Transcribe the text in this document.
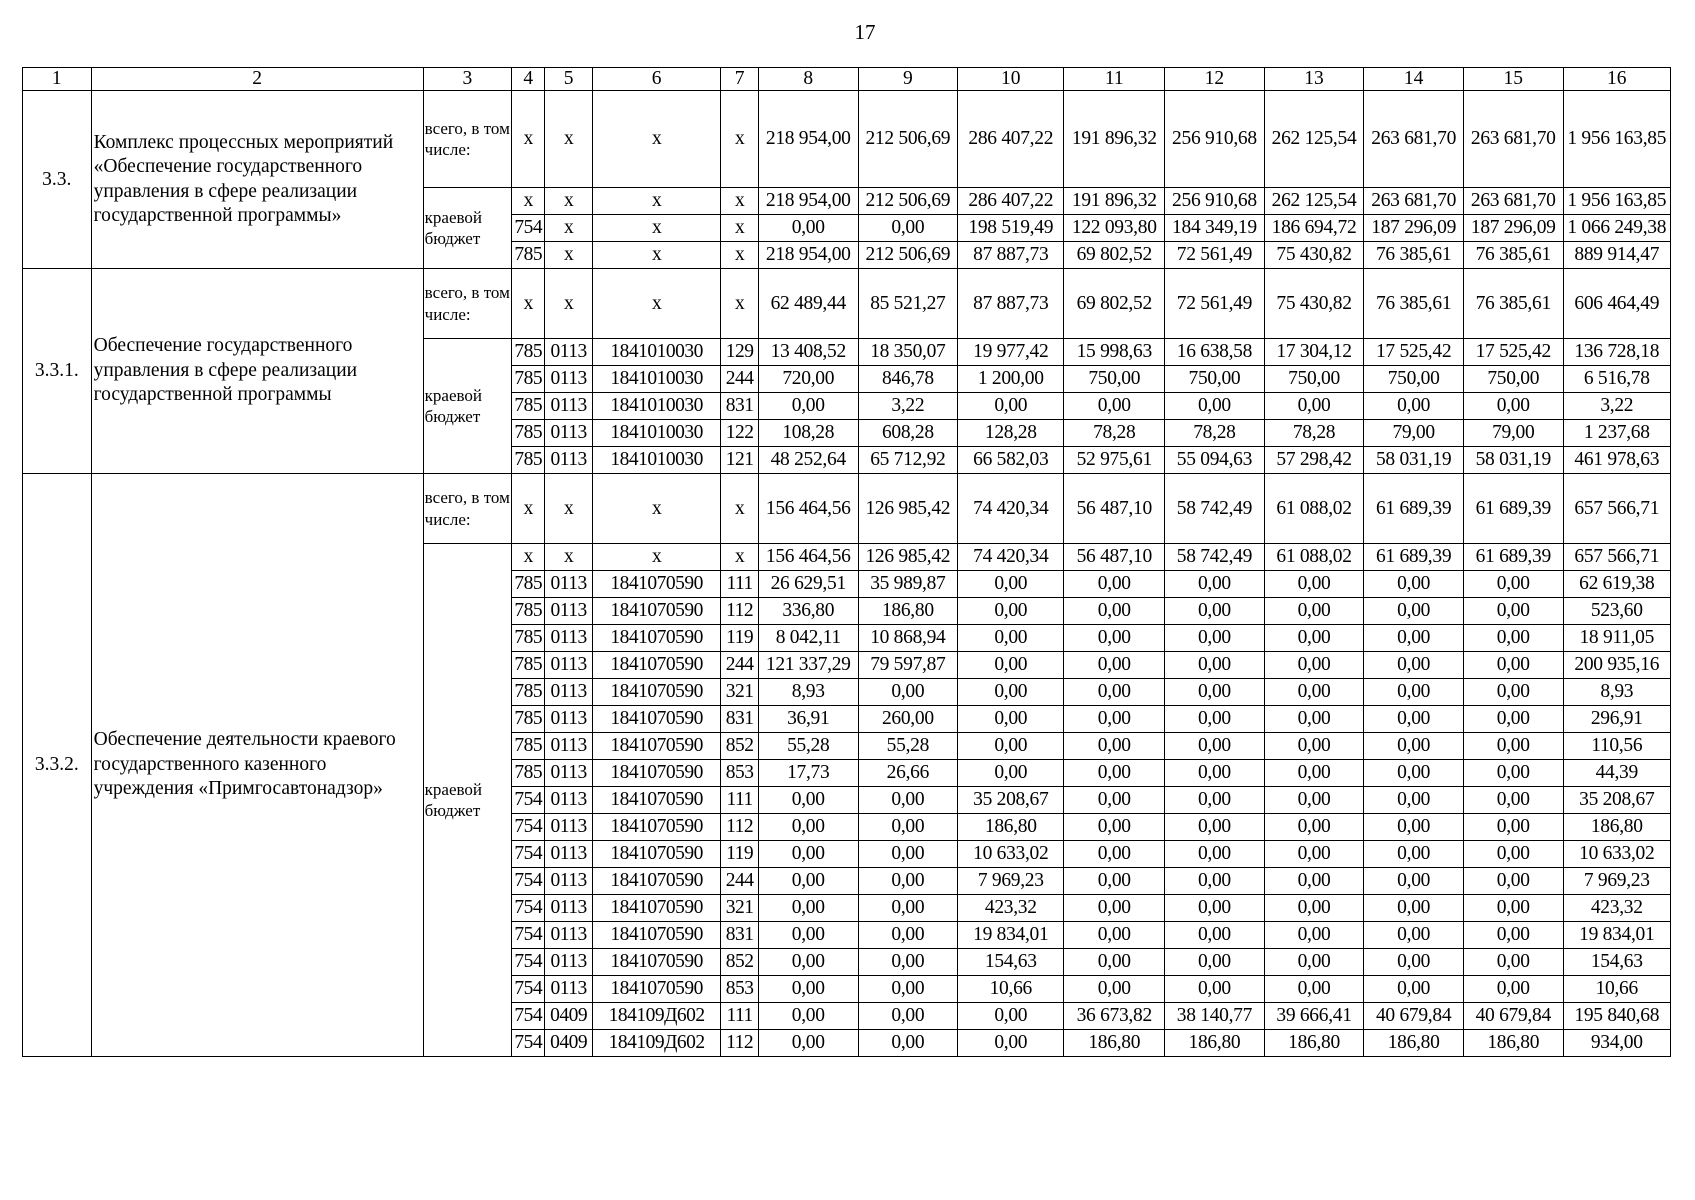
17
1	2	3	4	5	6	7	8	9	10	11	12	13	14	15	16
3.3.	Комплекс процессных мероприятий «Обеспечение государственного управления в сфере реализации государственной программы»	всего, в том числе:	x	x	x	x	218 954,00	212 506,69	286 407,22	191 896,32	256 910,68	262 125,54	263 681,70	263 681,70	1 956 163,85
		краевой бюджет	x	x	x	x	218 954,00	212 506,69	286 407,22	191 896,32	256 910,68	262 125,54	263 681,70	263 681,70	1 956 163,85
			754	x	x	x	0,00	0,00	198 519,49	122 093,80	184 349,19	186 694,72	187 296,09	187 296,09	1 066 249,38
			785	x	x	x	218 954,00	212 506,69	87 887,73	69 802,52	72 561,49	75 430,82	76 385,61	76 385,61	889 914,47
3.3.1.	Обеспечение государственного управления в сфере реализации государственной программы	всего, в том числе:	x	x	x	x	62 489,44	85 521,27	87 887,73	69 802,52	72 561,49	75 430,82	76 385,61	76 385,61	606 464,49
		краевой бюджет	785	0113	1841010030	129	13 408,52	18 350,07	19 977,42	15 998,63	16 638,58	17 304,12	17 525,42	17 525,42	136 728,18
			785	0113	1841010030	244	720,00	846,78	1 200,00	750,00	750,00	750,00	750,00	750,00	6 516,78
			785	0113	1841010030	831	0,00	3,22	0,00	0,00	0,00	0,00	0,00	0,00	3,22
			785	0113	1841010030	122	108,28	608,28	128,28	78,28	78,28	78,28	79,00	79,00	1 237,68
			785	0113	1841010030	121	48 252,64	65 712,92	66 582,03	52 975,61	55 094,63	57 298,42	58 031,19	58 031,19	461 978,63
3.3.2.	Обеспечение деятельности краевого государственного казенного учреждения «Примгосавтонадзор»	всего, в том числе:	x	x	x	x	156 464,56	126 985,42	74 420,34	56 487,10	58 742,49	61 088,02	61 689,39	61 689,39	657 566,71
		краевой бюджет	x	x	x	x	156 464,56	126 985,42	74 420,34	56 487,10	58 742,49	61 088,02	61 689,39	61 689,39	657 566,71
			785	0113	1841070590	111	26 629,51	35 989,87	0,00	0,00	0,00	0,00	0,00	0,00	62 619,38
			785	0113	1841070590	112	336,80	186,80	0,00	0,00	0,00	0,00	0,00	0,00	523,60
			785	0113	1841070590	119	8 042,11	10 868,94	0,00	0,00	0,00	0,00	0,00	0,00	18 911,05
			785	0113	1841070590	244	121 337,29	79 597,87	0,00	0,00	0,00	0,00	0,00	0,00	200 935,16
			785	0113	1841070590	321	8,93	0,00	0,00	0,00	0,00	0,00	0,00	0,00	8,93
			785	0113	1841070590	831	36,91	260,00	0,00	0,00	0,00	0,00	0,00	0,00	296,91
			785	0113	1841070590	852	55,28	55,28	0,00	0,00	0,00	0,00	0,00	0,00	110,56
			785	0113	1841070590	853	17,73	26,66	0,00	0,00	0,00	0,00	0,00	0,00	44,39
			754	0113	1841070590	111	0,00	0,00	35 208,67	0,00	0,00	0,00	0,00	0,00	35 208,67
			754	0113	1841070590	112	0,00	0,00	186,80	0,00	0,00	0,00	0,00	0,00	186,80
			754	0113	1841070590	119	0,00	0,00	10 633,02	0,00	0,00	0,00	0,00	0,00	10 633,02
			754	0113	1841070590	244	0,00	0,00	7 969,23	0,00	0,00	0,00	0,00	0,00	7 969,23
			754	0113	1841070590	321	0,00	0,00	423,32	0,00	0,00	0,00	0,00	0,00	423,32
			754	0113	1841070590	831	0,00	0,00	19 834,01	0,00	0,00	0,00	0,00	0,00	19 834,01
			754	0113	1841070590	852	0,00	0,00	154,63	0,00	0,00	0,00	0,00	0,00	154,63
			754	0113	1841070590	853	0,00	0,00	10,66	0,00	0,00	0,00	0,00	0,00	10,66
			754	0409	184109Д602	111	0,00	0,00	0,00	36 673,82	38 140,77	39 666,41	40 679,84	40 679,84	195 840,68
			754	0409	184109Д602	112	0,00	0,00	0,00	186,80	186,80	186,80	186,80	186,80	934,00
